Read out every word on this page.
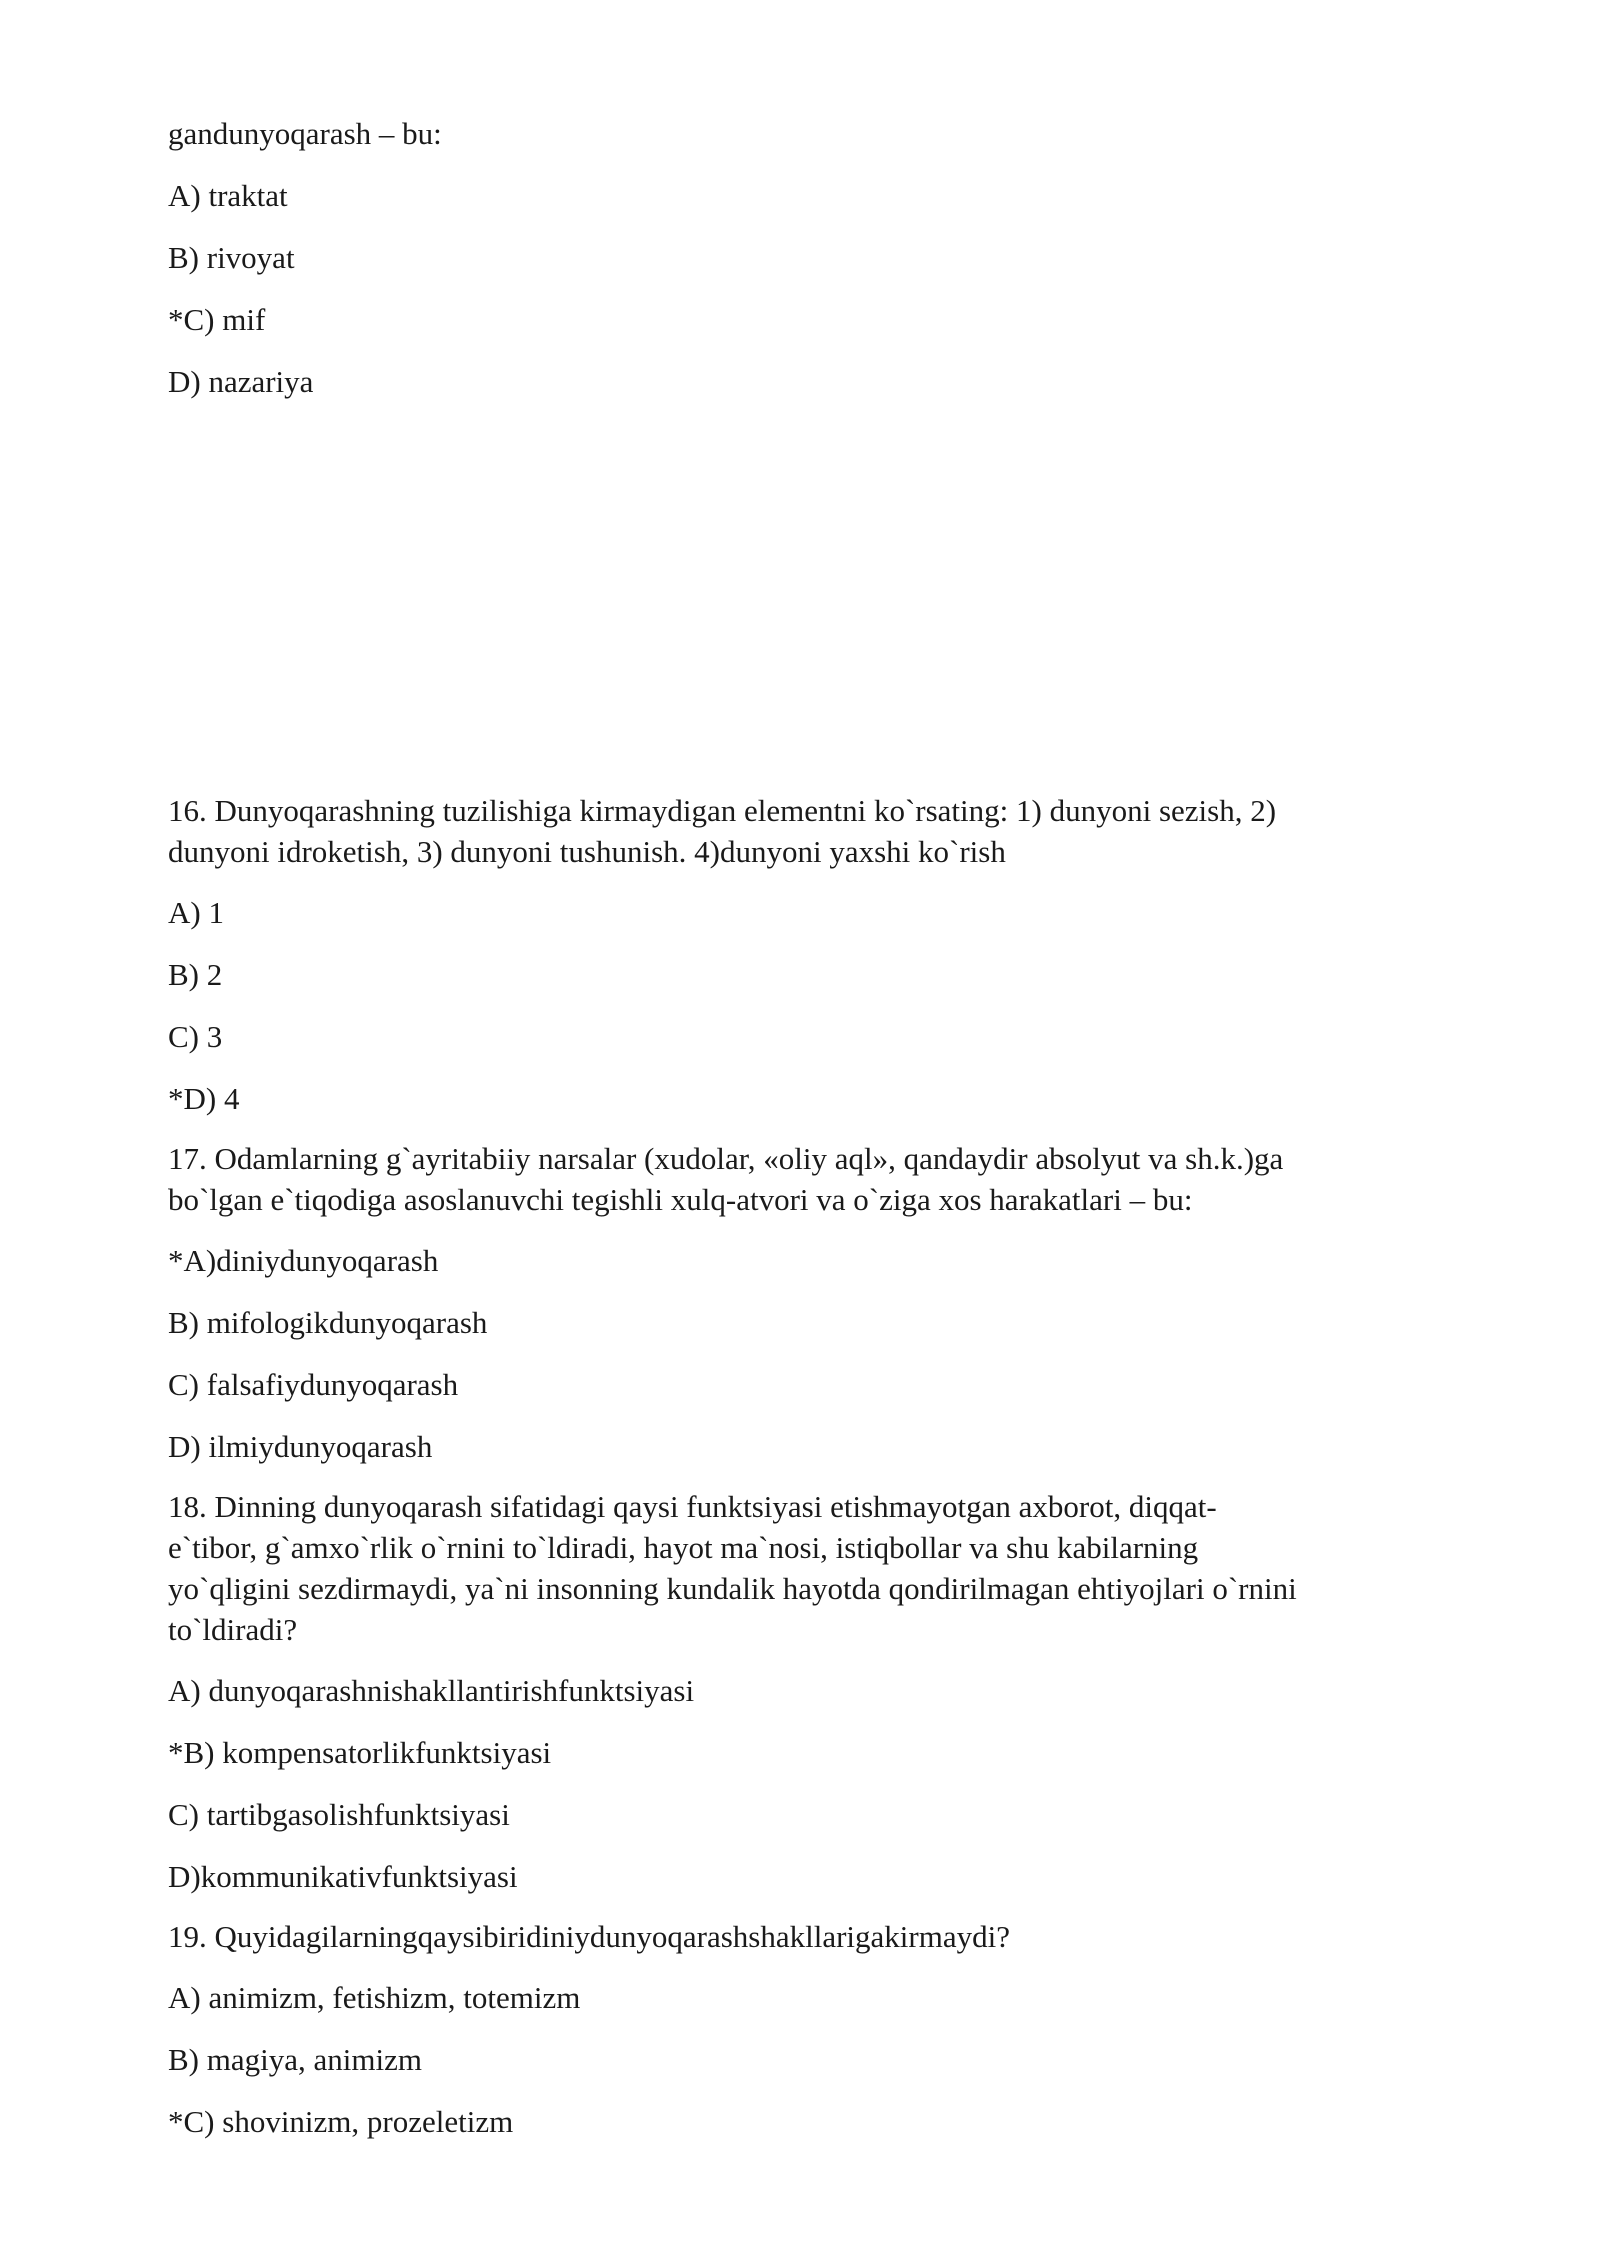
gandunyoqarash – bu:
A) traktat
B) rivoyat
*C) mif
D) nazariya
16. Dunyoqarashning tuzilishiga kirmaydigan elementni ko`rsating: 1) dunyoni sezish, 2)
dunyoni idroketish, 3) dunyoni tushunish. 4)dunyoni yaxshi ko`rish
A) 1
B) 2
C) 3
*D) 4
17. Odamlarning g`ayritabiiy narsalar (xudolar, «oliy aql», qandaydir absolyut va sh.k.)ga
bo`lgan e`tiqodiga asoslanuvchi tegishli xulq-atvori va o`ziga xos harakatlari – bu:
*A)diniydunyoqarash
B) mifologikdunyoqarash
C) falsafiydunyoqarash
D) ilmiydunyoqarash
18. Dinning dunyoqarash sifatidagi qaysi funktsiyasi etishmayotgan axborot, diqqat-
e`tibor, g`amxo`rlik o`rnini to`ldiradi, hayot ma`nosi, istiqbollar va shu kabilarning
yo`qligini sezdirmaydi, ya`ni insonning kundalik hayotda qondirilmagan ehtiyojlari o`rnini
to`ldiradi?
A) dunyoqarashnishakllantirishfunktsiyasi
*B) kompensatorlikfunktsiyasi
C) tartibgasolishfunktsiyasi
D)kommunikativfunktsiyasi
19. Quyidagilarningqaysibiridiniydunyoqarashshakllarigakirmaydi?
A) animizm, fetishizm, totemizm
B) magiya, animizm
*C) shovinizm, prozeletizm
